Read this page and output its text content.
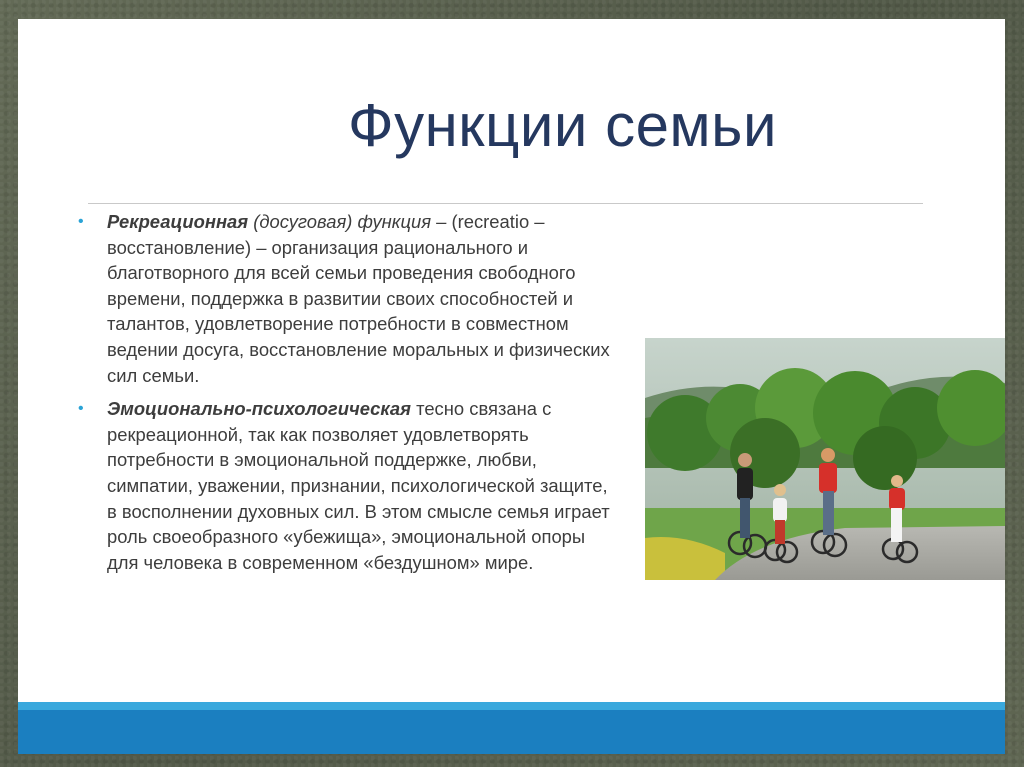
Функции семьи

• Рекреационная (досуговая) функция – (recreatio – восстановление) – организация рационального и благотворного для всей семьи проведения свободного времени, поддержка в развитии своих способностей и талантов, удовлетворение потребности в совместном ведении досуга, восстановление моральных и физических сил семьи.

• Эмоционально-психологическая тесно связана с рекреационной, так как позволяет удовлетворять потребности в эмоциональной поддержке, любви, симпатии, уважении, признании, психологической защите, в восполнении духовных сил. В этом смысле семья играет роль своеобразного «убежища», эмоциональной опоры для человека в современном «бездушном» мире.
